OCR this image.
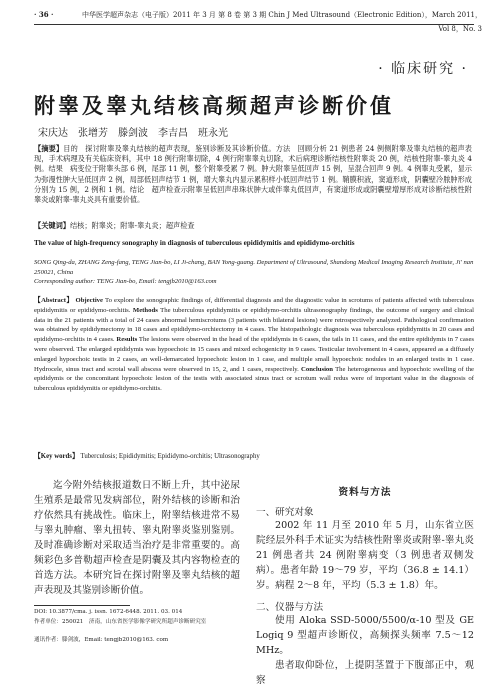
· 36 ·	中华医学超声杂志（电子版）2011 年 3 月 第 8 卷 第 3 期 Chin J Med Ultrasound（Electronic Edition），March 2011，Vol 8，No. 3
· 临床研究 ·
附睾及睾丸结核高频超声诊断价值
宋庆达　张增芳　滕剑波　李吉昌　班永光
【摘要】目的　探讨附睾及睾丸结核的超声表现，鉴别诊断及其诊断价值。方法　回顾分析 21 例患者 24 例侧附睾及睾丸结核的超声表现，手术病理及有关临床资料，其中 18 例行附睾切除，4 例行附睾睾丸切除，术后病理诊断结核性附睾炎 20 例，结核性附睾-睾丸炎 4 例。结果　病变位于附睾头部 6 例，尾部 11 例，整个附睾受累 7 例。肿大附睾呈低回声 15 例，呈混合回声 9 例。4 例睾丸受累，显示为弥漫性肿大呈低回声 2 例，局部低回声结节 1 例，增大睾丸内显示累积样小低回声结节 1 例。鞘膜积液，窦道形成，阴囊壁冷脓肿形成分别为 15 例，2 例和 1 例。结论　超声检查示附睾呈低回声串珠状肿大或伴睾丸低回声，有窦道形成或阴囊壁增厚形成对诊断结核性附睾炎或附睾-睾丸炎具有重要价值。
【关键词】结核；附睾炎；附睾-睾丸炎；超声检查
The value of high-frequency sonography in diagnosis of tuberculous epididymitis and epididymo-orchitis
SONG Qing-da, ZHANG Zeng-fang, TENG Jian-bo, LI Ji-chang, BAN Yong-guang. Department of Ultrasound, Shandong Medical Imaging Research Institute, Ji' nan 250021, China
Corresponding author: TENG Jian-bo, Email: tengjb2010@163.com
【Abstract】 Objective To explore the sonographic findings of, differential diagnosis and the diagnostic value in scrotums of patients affected with tuberculous epididymitis or epididymo-orchitis. Methods The tuberculous epididymitis or epididymo-orchitis ultrasonography findings, the outcome of surgery and clinical data in the 21 patients with a total of 24 cases abnormal hemiscrotums (3 patients with bilateral lesions) were retrospectively analyzed. Pathological confirmation was obtained by epididymectomy in 18 cases and epididymo-orchiectomy in 4 cases. The histopathologic diagnosis was tuberculous epididymitis in 20 cases and epididymo-orchitis in 4 cases. Results The lesions were observed in the head of the epididymis in 6 cases, the tails in 11 cases, and the entire epididymis in 7 cases were observed. The enlarged epididymis was hypoechoic in 15 cases and mixed echogenicity in 9 cases. Testicular involvement in 4 cases, appeared as a diffusely enlarged hypoechoic testis in 2 cases, an well-demarcated hypoechoic lesion in 1 case, and multiple small hypoechoic nodules in an enlarged testis in 1 case. Hydrocele, sinus tract and scrotal wall abscess were observed in 15, 2, and 1 cases, respectively. Conclusion The heterogeneous and hypoechoic swelling of the epididymis or the concomitant hypoechoic lesion of the testis with associated sinus tract or scrotum wall redus were of important value in the diagnosis of tuberculous epididymitis or epididymo-orchitis.
【Key words】 Tuberculosis; Epididymitis; Epididymo-orchitis; Ultrasonography
迄今附外结核报道数日不断上升，其中泌尿生殖系是最常见发病部位，附外结核的诊断和治疗依然具有挑战性。临床上，附睾结核进常不易与睾丸肿瘤、睾丸扭转、睾丸附睾炎鉴别鉴别。及时准确诊断对采取适当治疗是非常重要的。高频彩色多普勒超声检查是阴囊及其内容物检查的首选方法。本研究旨在探讨附睾及睾丸结核的超声表现及其鉴别诊断价值。
DOI: 10.3877/cma. j. issn. 1672-6448. 2011. 03. 014
作者单位：250021　济南，山东省医学影像学研究所超声诊断研究室
通讯作者：滕剑波，Email: tengjb2010@163. com
资料与方法
一、研究对象

2002 年 11 月至 2010 年 5 月，山东省立医院经层外科手术证实为结核性附睾炎或附睾-睾丸炎 21 例患者共 24 例附睾病变（3 例患者双侧发病）。患者年龄 19～79 岁，平均（36.8 ± 14.1）岁。病程 2～8 年，平均（5.3 ± 1.8）年。

二、仪器与方法

使用 Aloka SSD-5000/5500/α-10 型及 GE Logiq 9 型超声诊断仪，高频探头频率 7.5～12 MHz。

患者取仰卧位，上提阴茎置于下腹部正中，观察
